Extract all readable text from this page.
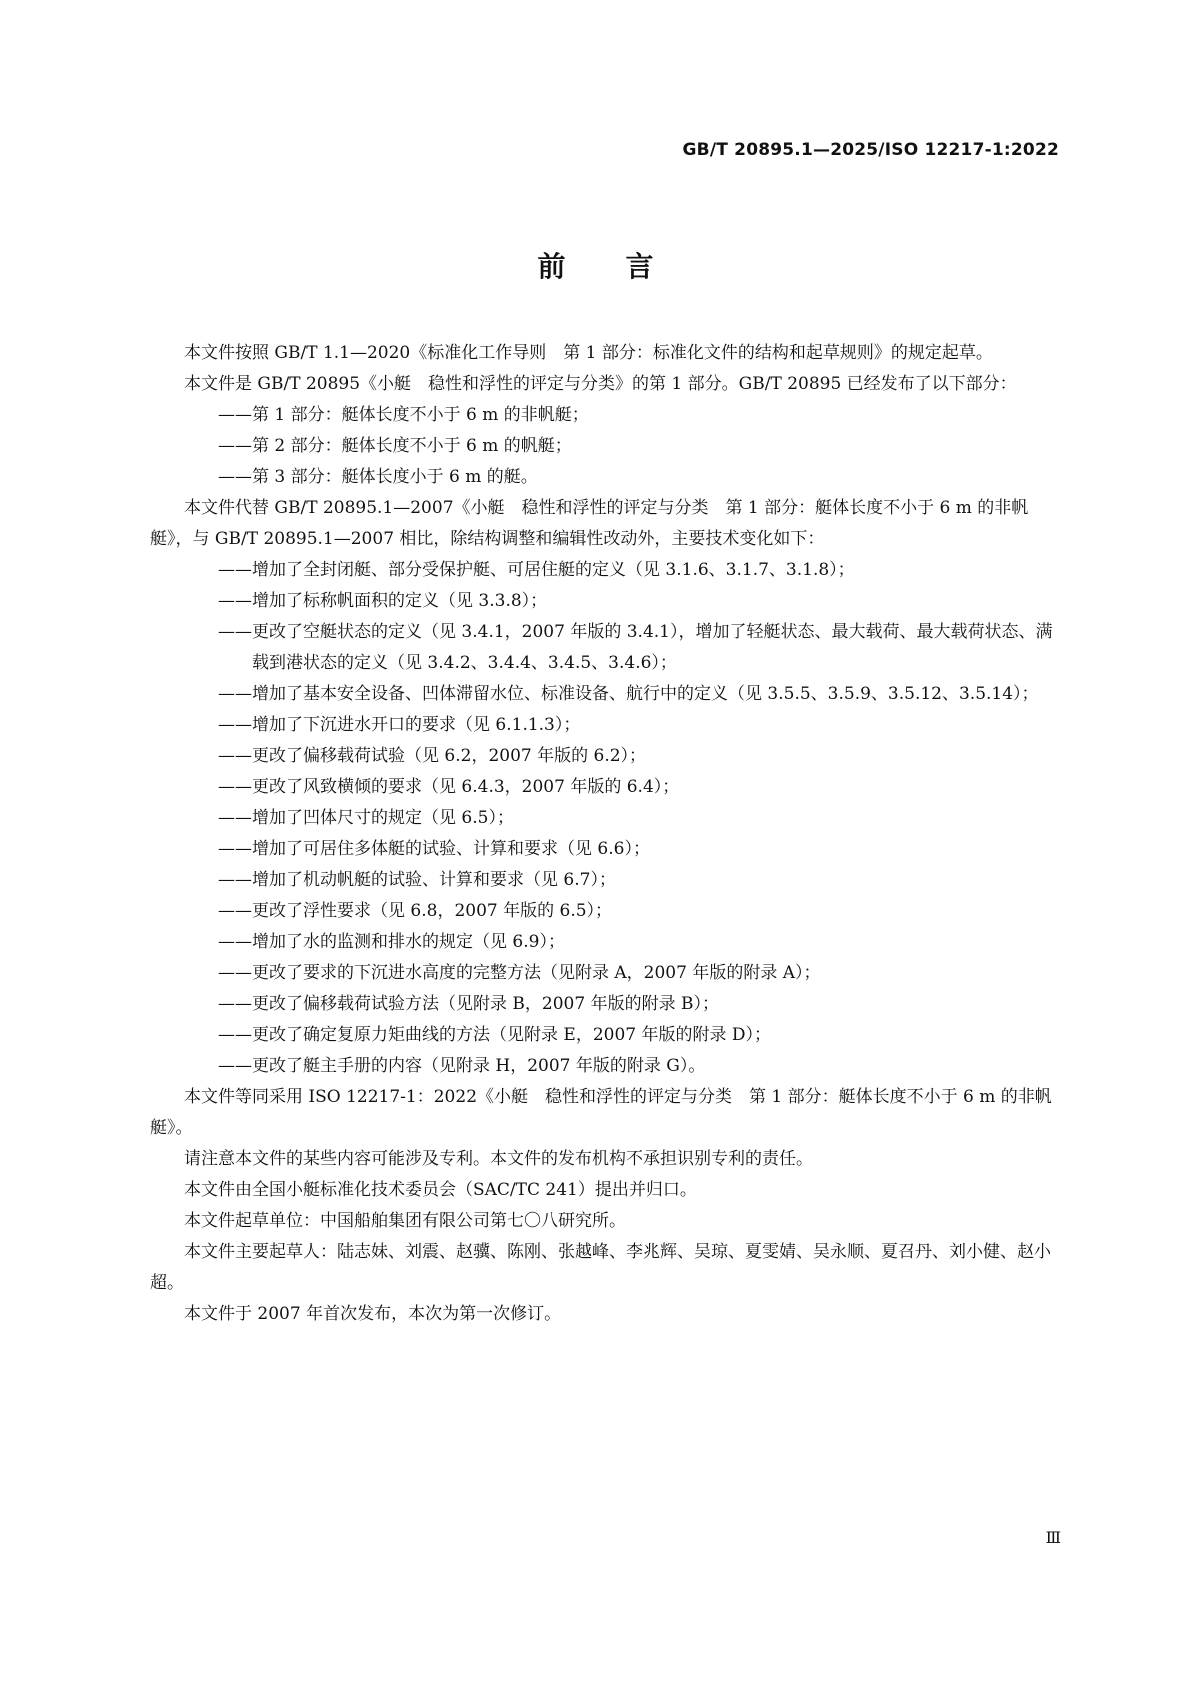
GB/T 20895.1—2025/ISO 12217-1:2022
前言

本文件按照 GB/T 1.1—2020《标准化工作导则　第 1 部分：标准化文件的结构和起草规则》的规定起草。

本文件是 GB/T 20895《小艇　稳性和浮性的评定与分类》的第 1 部分。GB/T 20895 已经发布了以下部分：

——第 1 部分：艇体长度不小于 6 m 的非帆艇；

——第 2 部分：艇体长度不小于 6 m 的帆艇；

——第 3 部分：艇体长度小于 6 m 的艇。

本文件代替 GB/T 20895.1—2007《小艇　稳性和浮性的评定与分类　第 1 部分：艇体长度不小于 6 m 的非帆艇》，与 GB/T 20895.1—2007 相比，除结构调整和编辑性改动外，主要技术变化如下：

——增加了全封闭艇、部分受保护艇、可居住艇的定义（见 3.1.6、3.1.7、3.1.8）；

——增加了标称帆面积的定义（见 3.3.8）；

——更改了空艇状态的定义（见 3.4.1，2007 年版的 3.4.1），增加了轻艇状态、最大载荷、最大载荷状态、满载到港状态的定义（见 3.4.2、3.4.4、3.4.5、3.4.6）；

——增加了基本安全设备、凹体滞留水位、标准设备、航行中的定义（见 3.5.5、3.5.9、3.5.12、3.5.14）；

——增加了下沉进水开口的要求（见 6.1.1.3）；

——更改了偏移载荷试验（见 6.2，2007 年版的 6.2）；

——更改了风致横倾的要求（见 6.4.3，2007 年版的 6.4）；

——增加了凹体尺寸的规定（见 6.5）；

——增加了可居住多体艇的试验、计算和要求（见 6.6）；

——增加了机动帆艇的试验、计算和要求（见 6.7）；

——更改了浮性要求（见 6.8，2007 年版的 6.5）；

——增加了水的监测和排水的规定（见 6.9）；

——更改了要求的下沉进水高度的完整方法（见附录 A，2007 年版的附录 A）；

——更改了偏移载荷试验方法（见附录 B，2007 年版的附录 B）；

——更改了确定复原力矩曲线的方法（见附录 E，2007 年版的附录 D）；

——更改了艇主手册的内容（见附录 H，2007 年版的附录 G）。

本文件等同采用 ISO 12217-1：2022《小艇　稳性和浮性的评定与分类　第 1 部分：艇体长度不小于 6 m 的非帆艇》。

请注意本文件的某些内容可能涉及专利。本文件的发布机构不承担识别专利的责任。

本文件由全国小艇标准化技术委员会（SAC/TC 241）提出并归口。

本文件起草单位：中国船舶集团有限公司第七〇八研究所。

本文件主要起草人：陆志妹、刘震、赵骥、陈刚、张越峰、李兆辉、吴琼、夏雯婧、吴永顺、夏召丹、刘小健、赵小超。

本文件于 2007 年首次发布，本次为第一次修订。

Ⅲ
